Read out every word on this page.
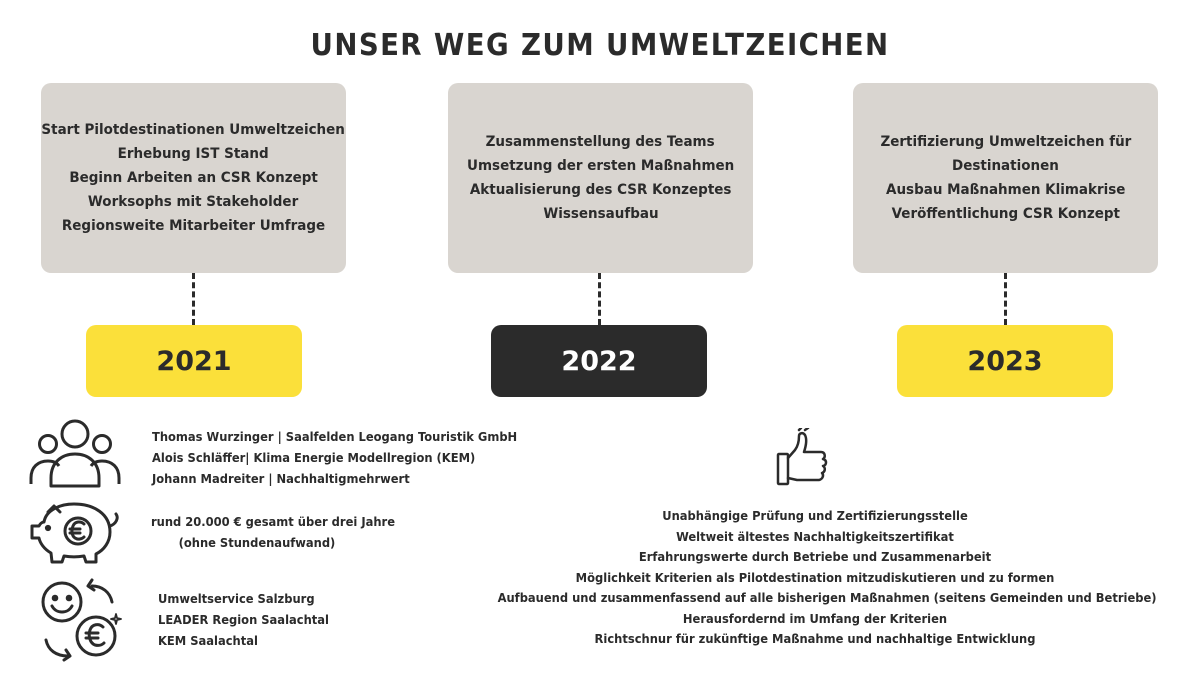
UNSER WEG ZUM UMWELTZEICHEN
Start Pilotdestinationen Umweltzeichen
Erhebung IST Stand
Beginn Arbeiten an CSR Konzept
Worksophs mit Stakeholder
Regionsweite Mitarbeiter Umfrage
2021
Zusammenstellung des Teams
Umsetzung der ersten Maßnahmen
Aktualisierung des CSR Konzeptes
Wissensaufbau
2022
Zertifizierung Umweltzeichen für
Destinationen
Ausbau Maßnahmen Klimakrise
Veröffentlichung CSR Konzept
2023
Thomas Wurzinger | Saalfelden Leogang Touristik GmbH
Alois Schläffer| Klima Energie Modellregion (KEM)
Johann Madreiter | Nachhaltigmehrwert
rund 20.000 € gesamt über drei Jahre
(ohne Stundenaufwand)
Umweltservice Salzburg
LEADER Region Saalachtal
KEM Saalachtal
Unabhängige Prüfung und Zertifizierungsstelle
Weltweit ältestes Nachhaltigkeitszertifikat
Erfahrungswerte durch Betriebe und Zusammenarbeit
Möglichkeit Kriterien als Pilotdestination mitzudiskutieren und zu formen
Aufbauend und zusammenfassend auf alle bisherigen Maßnahmen (seitens Gemeinden und Betriebe)
Herausfordernd im Umfang der Kriterien
Richtschnur für zukünftige Maßnahme und nachhaltige Entwicklung
